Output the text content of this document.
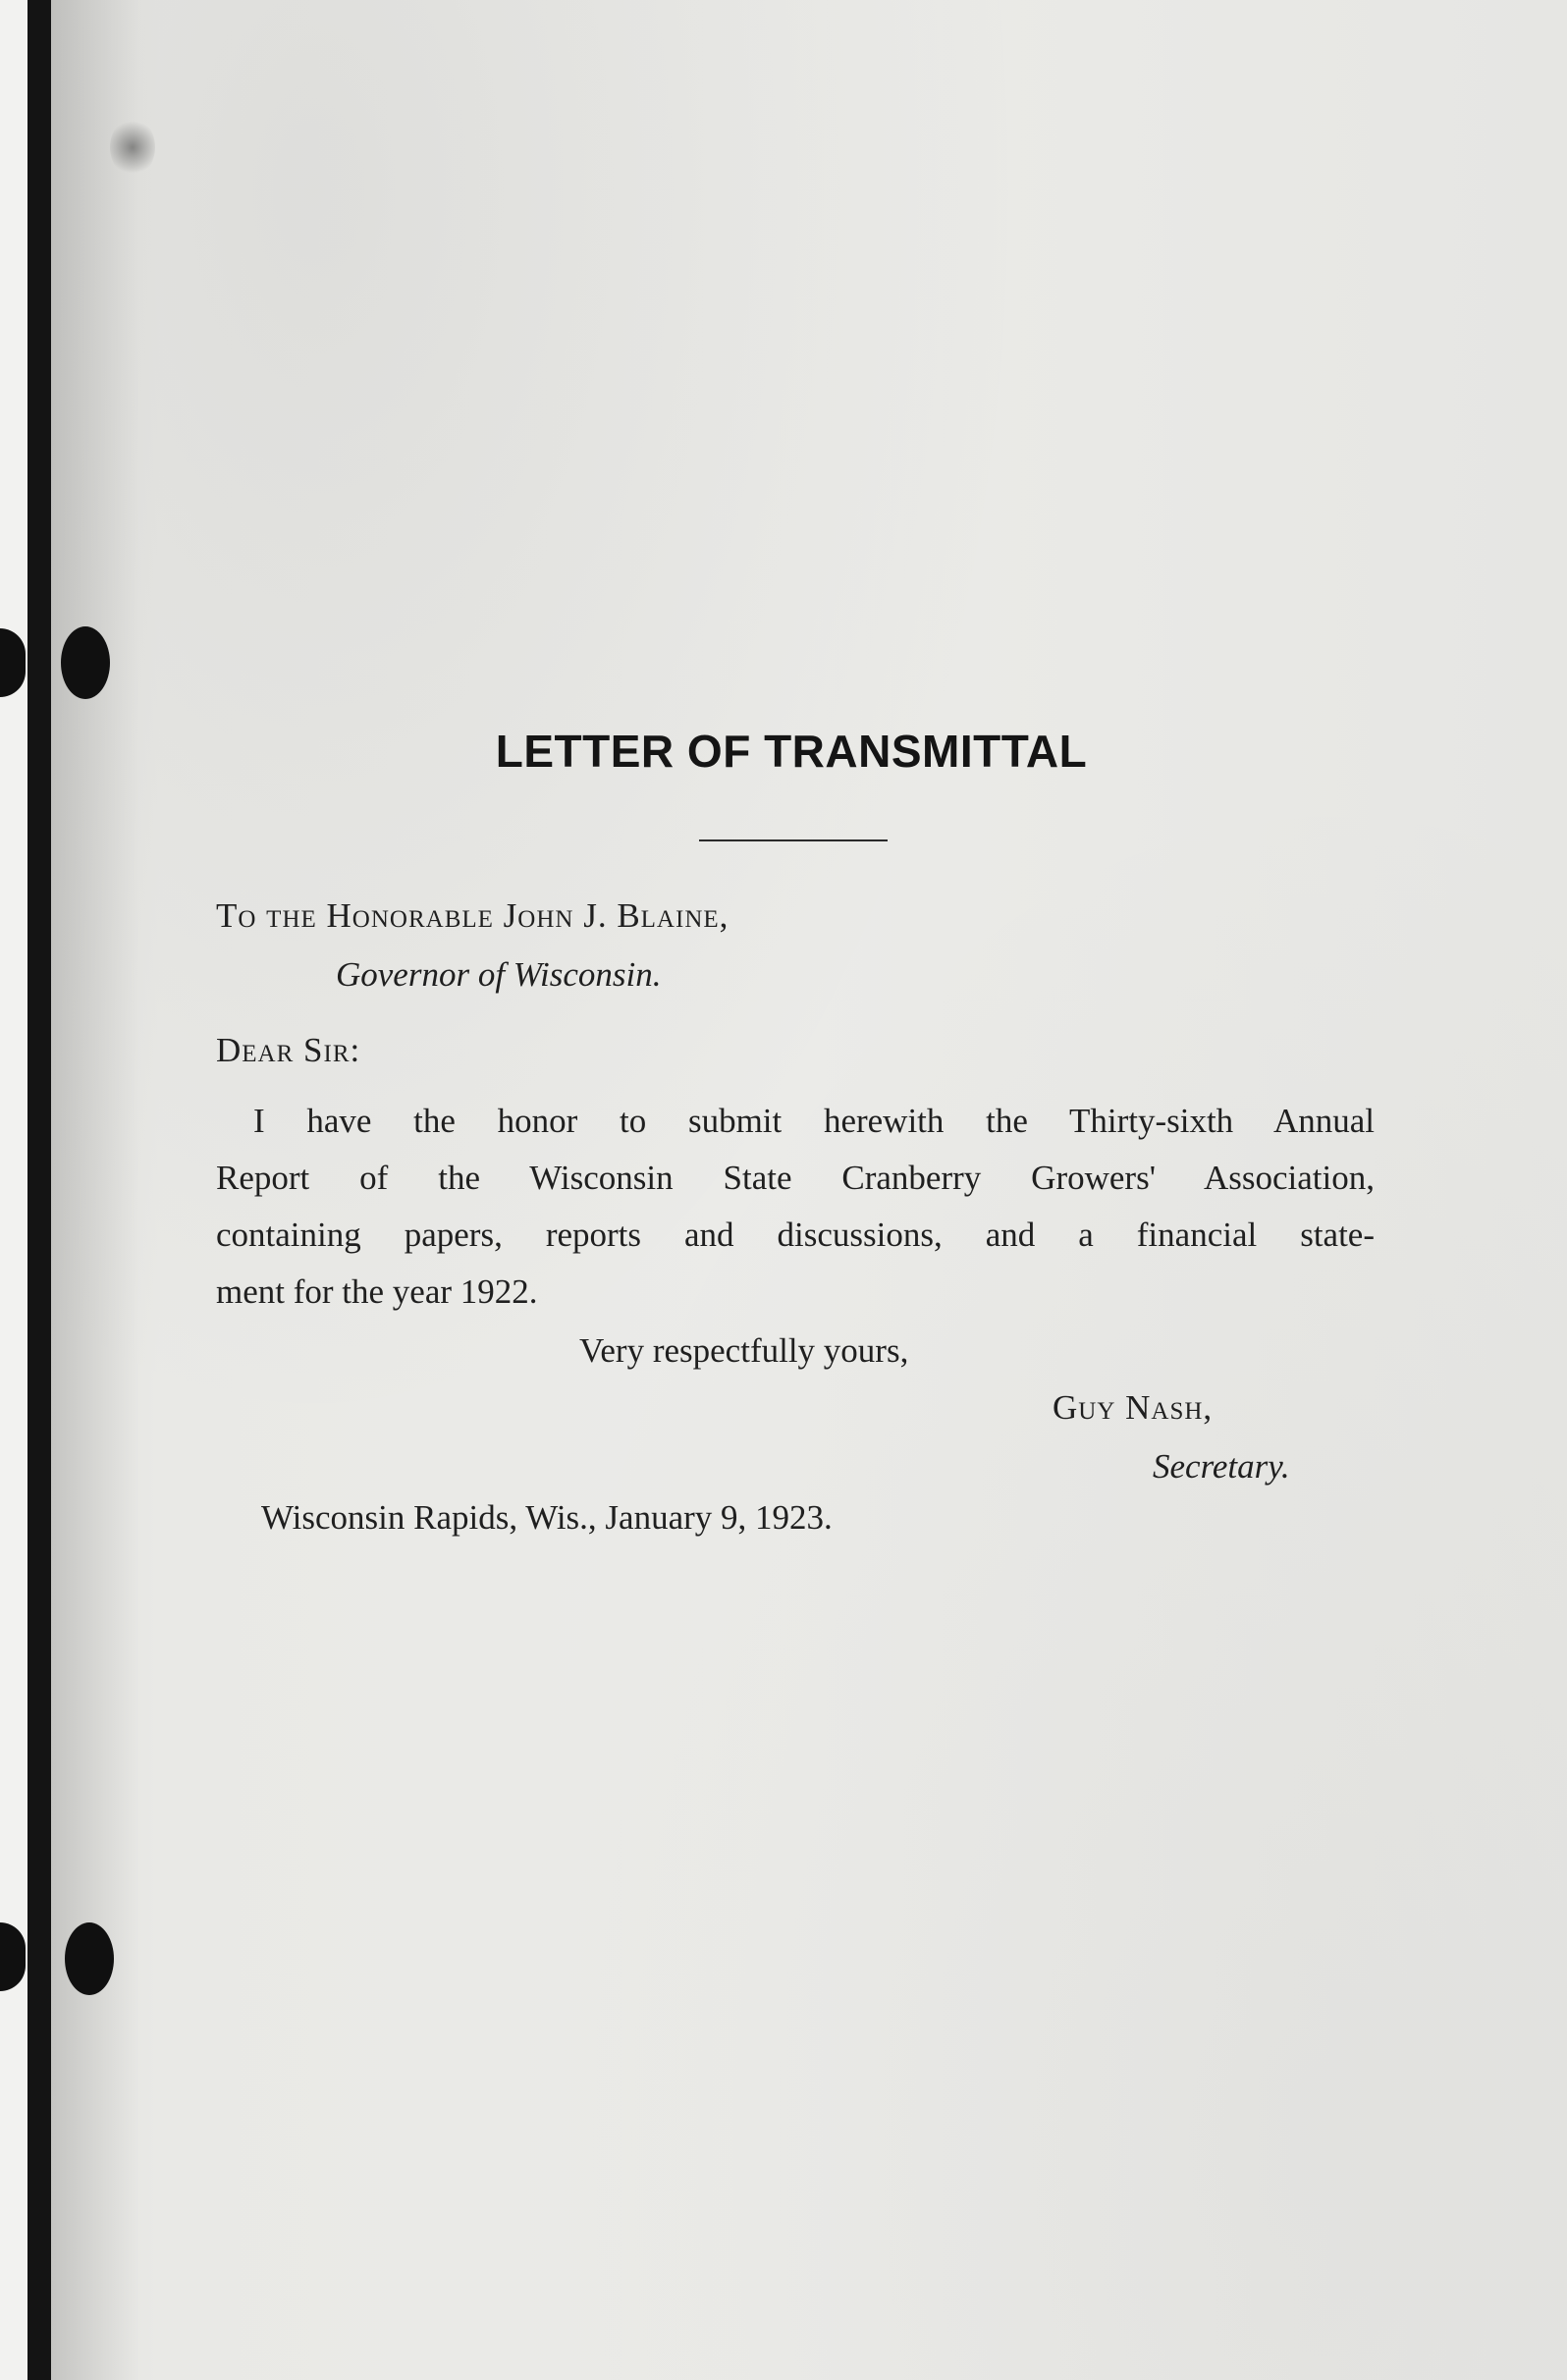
LETTER OF TRANSMITTAL
To the Honorable John J. Blaine,
Governor of Wisconsin.
Dear Sir:
I have the honor to submit herewith the Thirty-sixth Annual
Report of the Wisconsin State Cranberry Growers' Association,
containing papers, reports and discussions, and a financial state-
ment for the year 1922.
Very respectfully yours,
Guy Nash,
Secretary.
Wisconsin Rapids, Wis., January 9, 1923.
